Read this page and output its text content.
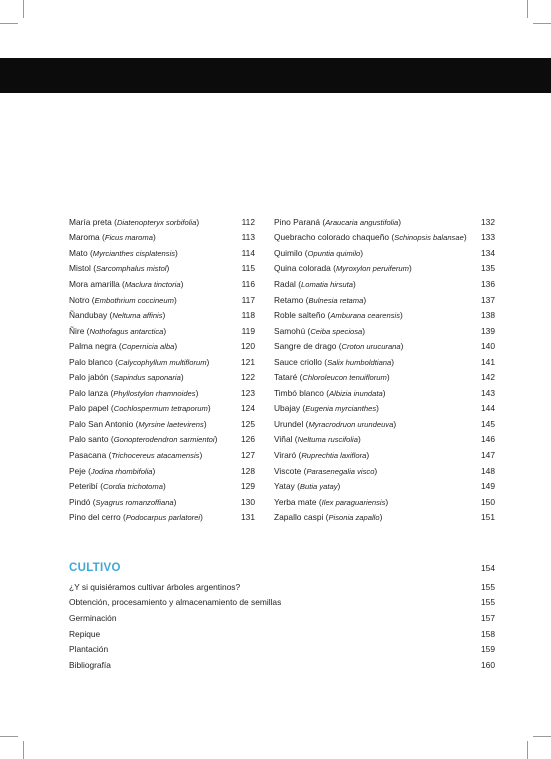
María preta (Diatenopteryx sorbifolia)	112
Maroma (Ficus maroma)	113
Mato (Myrcianthes cisplatensis)	114
Mistol (Sarcomphalus mistol)	115
Mora amarilla (Maclura tinctoria)	116
Notro (Embothrium coccineum)	117
Ñandubay (Neltuma affinis)	118
Ñire (Nothofagus antarctica)	119
Palma negra (Copernicia alba)	120
Palo blanco (Calycophyllum multiflorum)	121
Palo jabón (Sapindus saponaria)	122
Palo lanza (Phyllostylon rhamnoides)	123
Palo papel (Cochlospermum tetraporum)	124
Palo San Antonio (Myrsine laetevirens)	125
Palo santo (Gonopterodendron sarmientoi)	126
Pasacana (Trichocereus atacamensis)	127
Peje (Jodina rhombifolia)	128
Peteribí (Cordia trichotoma)	129
Pindó (Syagrus romanzoffiana)	130
Pino del cerro (Podocarpus parlatorei)	131
Pino Paraná (Araucaria angustifolia)	132
Quebracho colorado chaqueño (Schinopsis balansae) 133
Quimilo (Opuntia quimilo)	134
Quina colorada (Myroxylon peruiferum)	135
Radal (Lomatia hirsuta)	136
Retamo (Bulnesia retama)	137
Roble salteño (Amburana cearensis)	138
Samohú (Ceiba speciosa)	139
Sangre de drago (Croton urucurana)	140
Sauce criollo (Salix humboldtiana)	141
Tataré (Chloroleucon tenuiflorum)	142
Timbó blanco (Albizia inundata)	143
Ubajay (Eugenia myrcianthes)	144
Urundel (Myracrodruon urundeuva)	145
Viñal (Neltuma ruscifolia)	146
Viraró (Ruprechtia laxiflora)	147
Viscote (Parasenegalia visco)	148
Yatay (Butia yatay)	149
Yerba mate (Ilex paraguariensis)	150
Zapallo caspi (Pisonia zapallo)	151
CULTIVO	154
¿Y si quisiéramos cultivar árboles argentinos?	155
Obtención, procesamiento y almacenamiento de semillas	155
Germinación	157
Repique	158
Plantación	159
Bibliografía	160
